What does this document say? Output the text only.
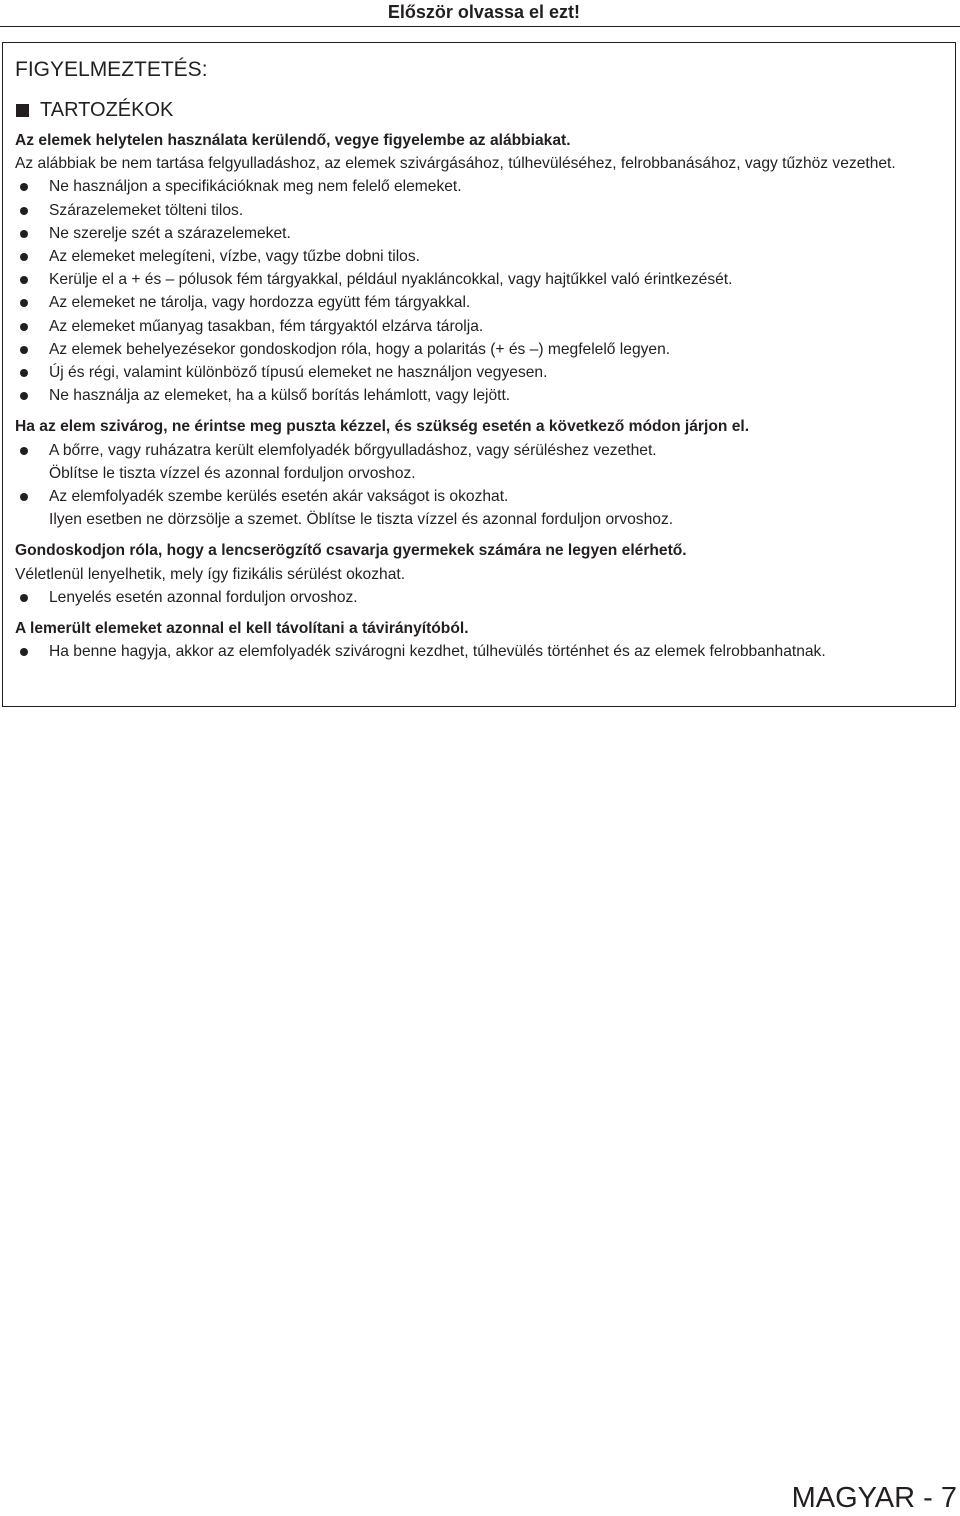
Először olvassa el ezt!
FIGYELMEZTETÉS:
TARTOZÉKOK

Az elemek helytelen használata kerülendő, vegye figyelembe az alábbiakat.

Az alábbiak be nem tartása felgyulladáshoz, az elemek szivárgásához, túlhevüléséhez, felrobbanásához, vagy tűzhöz vezethet.

Ne használjon a specifikációknak meg nem felelő elemeket.

Szárazelemeket tölteni tilos.

Ne szerelje szét a szárazelemeket.

Az elemeket melegíteni, vízbe, vagy tűzbe dobni tilos.

Kerülje el a + és – pólusok fém tárgyakkal, például nyakláncokkal, vagy hajtűkkel való érintkezését.

Az elemeket ne tárolja, vagy hordozza együtt fém tárgyakkal.

Az elemeket műanyag tasakban, fém tárgyaktól elzárva tárolja.

Az elemek behelyezésekor gondoskodjon róla, hogy a polaritás (+ és –) megfelelő legyen.

Új és régi, valamint különböző típusú elemeket ne használjon vegyesen.

Ne használja az elemeket, ha a külső borítás lehámlott, vagy lejött.

Ha az elem szivárog, ne érintse meg puszta kézzel, és szükség esetén a következő módon járjon el.

A bőrre, vagy ruházatra került elemfolyadék bőrgyulladáshoz, vagy sérüléshez vezethet.

Öblítse le tiszta vízzel és azonnal forduljon orvoshoz.

Az elemfolyadék szembe kerülés esetén akár vakságot is okozhat.

Ilyen esetben ne dörzsölje a szemet. Öblítse le tiszta vízzel és azonnal forduljon orvoshoz.

Gondoskodjon róla, hogy a lencserögzítő csavarja gyermekek számára ne legyen elérhető.

Véletlenül lenyelhetik, mely így fizikális sérülést okozhat.

Lenyelés esetén azonnal forduljon orvoshoz.

A lemerült elemeket azonnal el kell távolítani a távirányítóból.

Ha benne hagyja, akkor az elemfolyadék szivárogni kezdhet, túlhevülés történhet és az elemek felrobbanhatnak.

MAGYAR - 7
